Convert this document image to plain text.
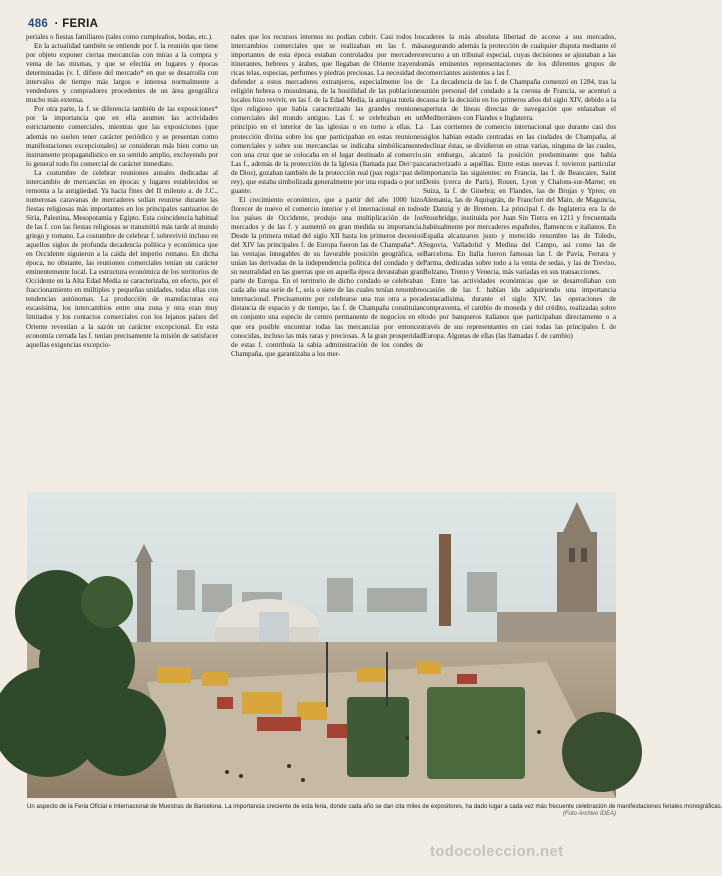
486 · FERIA

periales o fiestas familiares (tales como cumpleaños, bodas, etc.).

En la actualidad también se entiende por f. la reunión que tiene por objeto exponer ciertas mercancías con miras a la compra y venta de las mismas, y que se efectúa en lugares y épocas determinadas (v. f. difiere del mercado* en que se desarrolla con intervalos de tiempo más largos e interesa normalmente a vendedores y compradores procedentes de un área geográfica mucho más extensa.

Por otra parte, la f. se diferencia también de las exposiciones* por la importancia que en ella asumen las actividades estrictamente comerciales, mientras que las exposiciones (que además no suelen tener carácter periódico y se presentan como manifestaciones excepcionales) se consideran más bien como un instrumento propagandístico en su sentido amplio, excluyendo por lo general todo fin comercial de carácter inmediato.

La costumbre de celebrar reuniones anuales dedicadas al intercambio de mercancías en épocas y lugares establecidos se remonta a la antigüedad. Ya hacia fines del II milenio a. de J.C., numerosas caravanas de mercaderes solían reunirse durante las fiestas religiosas más importantes en los principales santuarios de Siria, Palestina, Mesopotamia y Egipto. Esta coincidencia habitual de las f. con las fiestas religiosas se transmitió más tarde al mundo griego y romano. La costumbre de celebrar f. sobrevivió incluso en aquellos siglos de profunda decadencia política y económica que en Occidente siguieron a la caída del imperio romano. En dicha época, no obstante, las reuniones comerciales tenían un carácter eminentemente local. La estructura económica de los territorios de Occidente en la Alta Edad Media se caracterizaba, en efecto, por el fraccionamiento en múltiples y pequeñas unidades, todas ellas con tendencias autónomas. La producción de manufacturas era escasísima, los intercambios entre una zona y otra eran muy limitados y los contactos comerciales con los lejanos países del Oriente revestían a la sazón un carácter excepcional. En esta economía cerrada las f. tenían precisamente la misión de satisfacer aquellas exigencias excepcio-

nales que los recursos internos no podían cubrir. Casi todos los intercambios comerciales que se realizaban en las f. más importantes de esta época estaban controlados por mercaderes itinerantes, hebreos y árabes, que llegaban de Oriente trayendo ricas telas, especias, perfumes y piedras preciosas. La necesidad de defender a estos mercaderes extranjeros, especialmente los de religión hebrea o musulmana, de la hostilidad de las poblaciones locales hizo revivir, en las f. de la Edad Media, la antigua tutela de tipo religioso que había caracterizado las grandes reuniones comerciales del mundo antiguo. Las f. se celebraban en un principio en el interior de las iglesias o en torno a ellas. La protección divina sobre los que participaban en estas reuniones comerciales y sobre sus mercancías se indicaba simbólicamente con una cruz que se colocaba en el lugar destinado al comercio. Las f., además de la protección de la Iglesia (llamada paz Dei=paz de Dios), gozaban también de la protección real (pax regis=paz del rey), que estaba simbolizada generalmente por una espada o por un guante.

El crecimiento económico, que a partir del año 1000 hizo florecer de nuevo el comercio interior y el internacional en todos los países de Occidente, produjo una multiplicación de los mercados y de las f. y aumentó en gran medida su importancia. Desde la primera mitad del siglo XII hasta los primeros decenios del XIV las principales f. de Europa fueron las de Champaña*. A las ventajas innegables de su favorable posición geográfica, se unían las derivadas de la independencia política del condado y de su neutralidad en las guerras que en aquella época devastaban gran parte de Europa. En el territorio de dicho condado se celebraban cada año una serie de f., seis o siete de las cuales tenían renombre internacional. Precisamente por celebrarse una tras otra a poca distancia de espacio y de tiempo, las f. de Champaña constituían en conjunto una especie de centro permanente de negocios en el que era posible encontrar todas las mercancías por entonces conocidas, incluso las más raras y preciosas. A la gran prosperidad de estas f. contribuía la sabia administración de los condes de Champaña, que garantizaba a los mer-

caderes la más absoluta libertad de acceso a sus mercados, asegurando además la protección de cualquier disputa mediante el recurso a un tribunal especial, cuyas decisiones se ajustaban a las más eminentes representaciones de los diferentes grupos de comerciantes asistentes a las f.

La decadencia de las f. de Champaña comenzó en 1284, tras la unión personal del condado a la corona de Francia, se acentuó a causa de la decisión en los primeros años del siglo XIV, debido a la apertura de líneas directas de navegación que enlazaban el Mediterráneo con Flandes e Inglaterra.

Las corrientes de comercio internacional que durante casi dos siglos habían estado centradas en las ciudades de Champaña, al declinar éstas, se dividieron en otras varias, ninguna de las cuales, sin embargo, alcanzó la posición predominante que había caracterizado a aquéllas. Entre estas nuevas f. tuvieron particular importancia las siguientes: en Francia, las f. de Beaucaire, Saint Denis (cerca de París), Rouen, Lyon y Chalons-sur-Marne; en Suiza, la f. de Ginebra; en Flandes, las de Brujas y Ypres; en Alemania, las de Aquisgrán, de Francfort del Main, de Maguncia, de Danzig y de Bremen. La principal f. de Inglaterra era la de Stourbridge, instituida por Juan Sin Tierra en 1211 y frecuentada habitualmente por mercaderes españoles, flamencos e italianos. En España alcanzaron justo y merecido renombre las de Toledo, Segovia, Valladolid y Medina del Campo, así como las de Barcelona. En Italia fueron famosas las f. de Pavía, Ferrara y Parma, dedicadas sobre todo a la venta de sedas, y las de Treviso, Bolzano, Trento y Venecia, más variadas en sus transacciones.

Entre las actividades económicas que se desarrollaban con ocasión de las f. habían ido adquiriendo una importancia destacadísima, durante el siglo XIV, las operaciones de compraventa, el cambio de moneda y del crédito, realizadas sobre todo por banqueros italianos que participaban directamente o a través de sus representantes en casi todas las principales f. de Europa. Algunas de ellas (las llamadas f. de cambio)

Un aspecto de la Feria Oficial e Internacional de Muestras de Barcelona. La importancia creciente de esta feria, donde cada año se dan cita miles de expositores, ha dado lugar a cada vez más frecuente celebración de manifestaciones feriales monográficas.
(Foto Archivo IDEA)
todocoleccion.net
